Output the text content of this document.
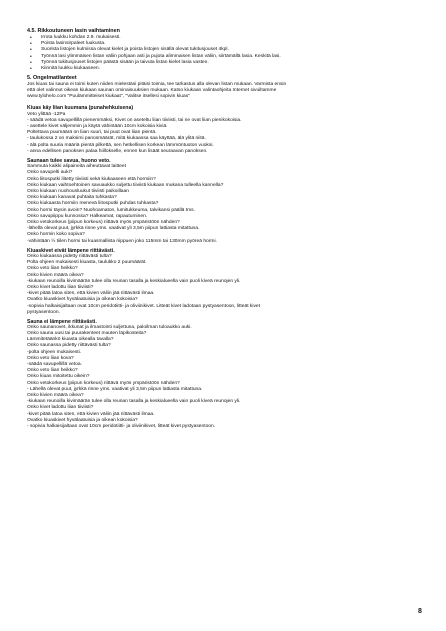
4.5. Rikkoutuneen lasin vaihtaminen
• Irrota luukku kohdan 2.9. mukaisesti.
• Poista lasinsirpaleet luukusta.
• Suorista listojen kulmissa olevat kielet ja poista listojen sisällä olevat tukitusjouset 4kpl.
• Työnnä lasi ylimmäisen listan väliin pohjaan asti ja pujota alimmaisen listan väliin, siirtämällä lasia. Keskitä lasi.
• Työnnä tukitusjouset listojen päästä sisään ja taivuta listan kielet lasia vasten.
• Kiinnitä luukku kiukaaseen.
5. Ongelmatilanteet
Jos kiuas tai sauna ei toimi kuten niiden mielestäsi pitäisi toimia, tee tarkastus alla olevan listan mukaan. Varmista ensin
että olet valinnut oikean kiukaan saunan ominaisuuksien mukaan. Katso kiukaan valintaohjeita Internet sivuiltamme
www.tylohelo.com "Puulämmitteiset kiukaat", "Valitse itsellesi sopivin kiuas"
Kiuas käy liian kuumana (punahehkuisena)
Veto ylittää -12Pa
- säädä vetoa savupellillä pienemmäksi, Kivet on aseteltu liian tiiviisti, tai ne ovat liian pienikokoisia.
- asettele kivet väljemmin ja käytä vähintään 10cm kokoisia kiviä.
Poltettava puumäärä on liian suuri, tai puut ovat liian pientä.
- taulukossa 2 on maksimi panosmäärät, mitä kiukaassa saa käyttää, älä ylitä niitä.
- älä polta suuria määriä pientä pilkettä, sen hetkellisen korkean lämmöntuoton vuoksi.
- anna edellisen panoksen palaa hiillokselle, ennen kun lisäät seuraavan panoksen.
Saunaan tulee savua, huono veto.
Sammuta kaikki alipaineita aiheuttavat laitteet
Onko savupelti auki?
Onko liitosputki liitetty tiiviisti sekä kiukaaseen että hormiin?
Onko kiukaan vaihtoehtoinen savuaukko suljettu tiiviisti kiukaan mukana tulleella kannella?
Onko kiukaan nuohousluukut tiiviisti paikoillaan
Onko kiukaan kanavat puhtaita tuhkasta?
Onko kiukaasta hormiin menevä liitosputki puhdas tuhkasta?
Onko hormi täysin avoin? Nuohoamaton, lumitukkeuma, talvikansi päällä tms.
Onko savupiippu kunnossa? Halkeamat, rapautuminen.
Onko vetokorkeus (piipun korkeus) riittävä myös ympäristöön nähden?
-lähellä olevat puut, jyrkkä rinne yms. vaativat yli 3,5m piipun lattiasta mitattuna.
Onko hormin koko sopiva?
-vähintään ½ tiilen hormi tai kuasmallista riippuen joko 115mm tai 130mm pyöreä hormi.
Kiuaskivet eivät lämpene riittävästi.
Onko kiukaassa pidetty riittävästi tulta?
Polta ohjeen mukaisesti kiuasta, taulukko 2 puumäärät.
Onko veto liian heikko?
Onko kivien määrä oikea?
-kiukaan reunoilla kivimäärän tulee olla reunan tasalla ja keskialueella vain puoli kiveä reunojen yli.
Onko kivet ladottu liian tiiviisti?
-kivet pitää latoa siten, että kivien väliin jää riittävästi ilmaa.
Ovatko kiuaskivet hyvälaatuisia ja oikean kokoisia?
-sopivia halkaisijaltaan ovat 10cm peridotiitti- ja oliviinikivet. Litteät kivet ladotaan pystyasentoon, litteät kivet
pystyasentoon.
Sauna ei lämpene riittävästi.
Onko saunanovet, ikkunat ja ilmastointi suljettuna, paloilman tuloaukko auki.
Onko sauna uusi tai puurakenteet muuten läpikosteita?
Lämmitetäänkö kiuasta oikealla tavalla?
Onko saunassa pidetty riittävästi tulta?
-polta ohjeen mukaisesti.
Onko veto liian kova?
-säädä savupellillä vetoa.
Onko veto liian heikko?
Onko kiuas mitoitettu oikein?
Onko vetokorkeus (piipun korkeus) riittävä myös ympäristöön nähden?
- Lähellä olevat puut, jyrkkä rinne yms. vaativat yli 3,5m piipun lattiasta mitattuna.
Onko kivien määrä oikea?
-kiukaan reunoilla kivimäärän tulee olla reunan tasalla ja keskialueella vain puoli kiveä reunojen yli.
Onko kivet ladottu liian tiiviisti?
-kivet pitää latoa siten, että kivien väliin jää riittävästi ilmaa.
Ovatko kiuaskivet hyvälaatuisia ja oikean kokoisia?
- sopivia halkaisijaltaan ovat 10cm peridotiitti- ja oliviinikivet, litteät kivet pystyasentoon.
8
